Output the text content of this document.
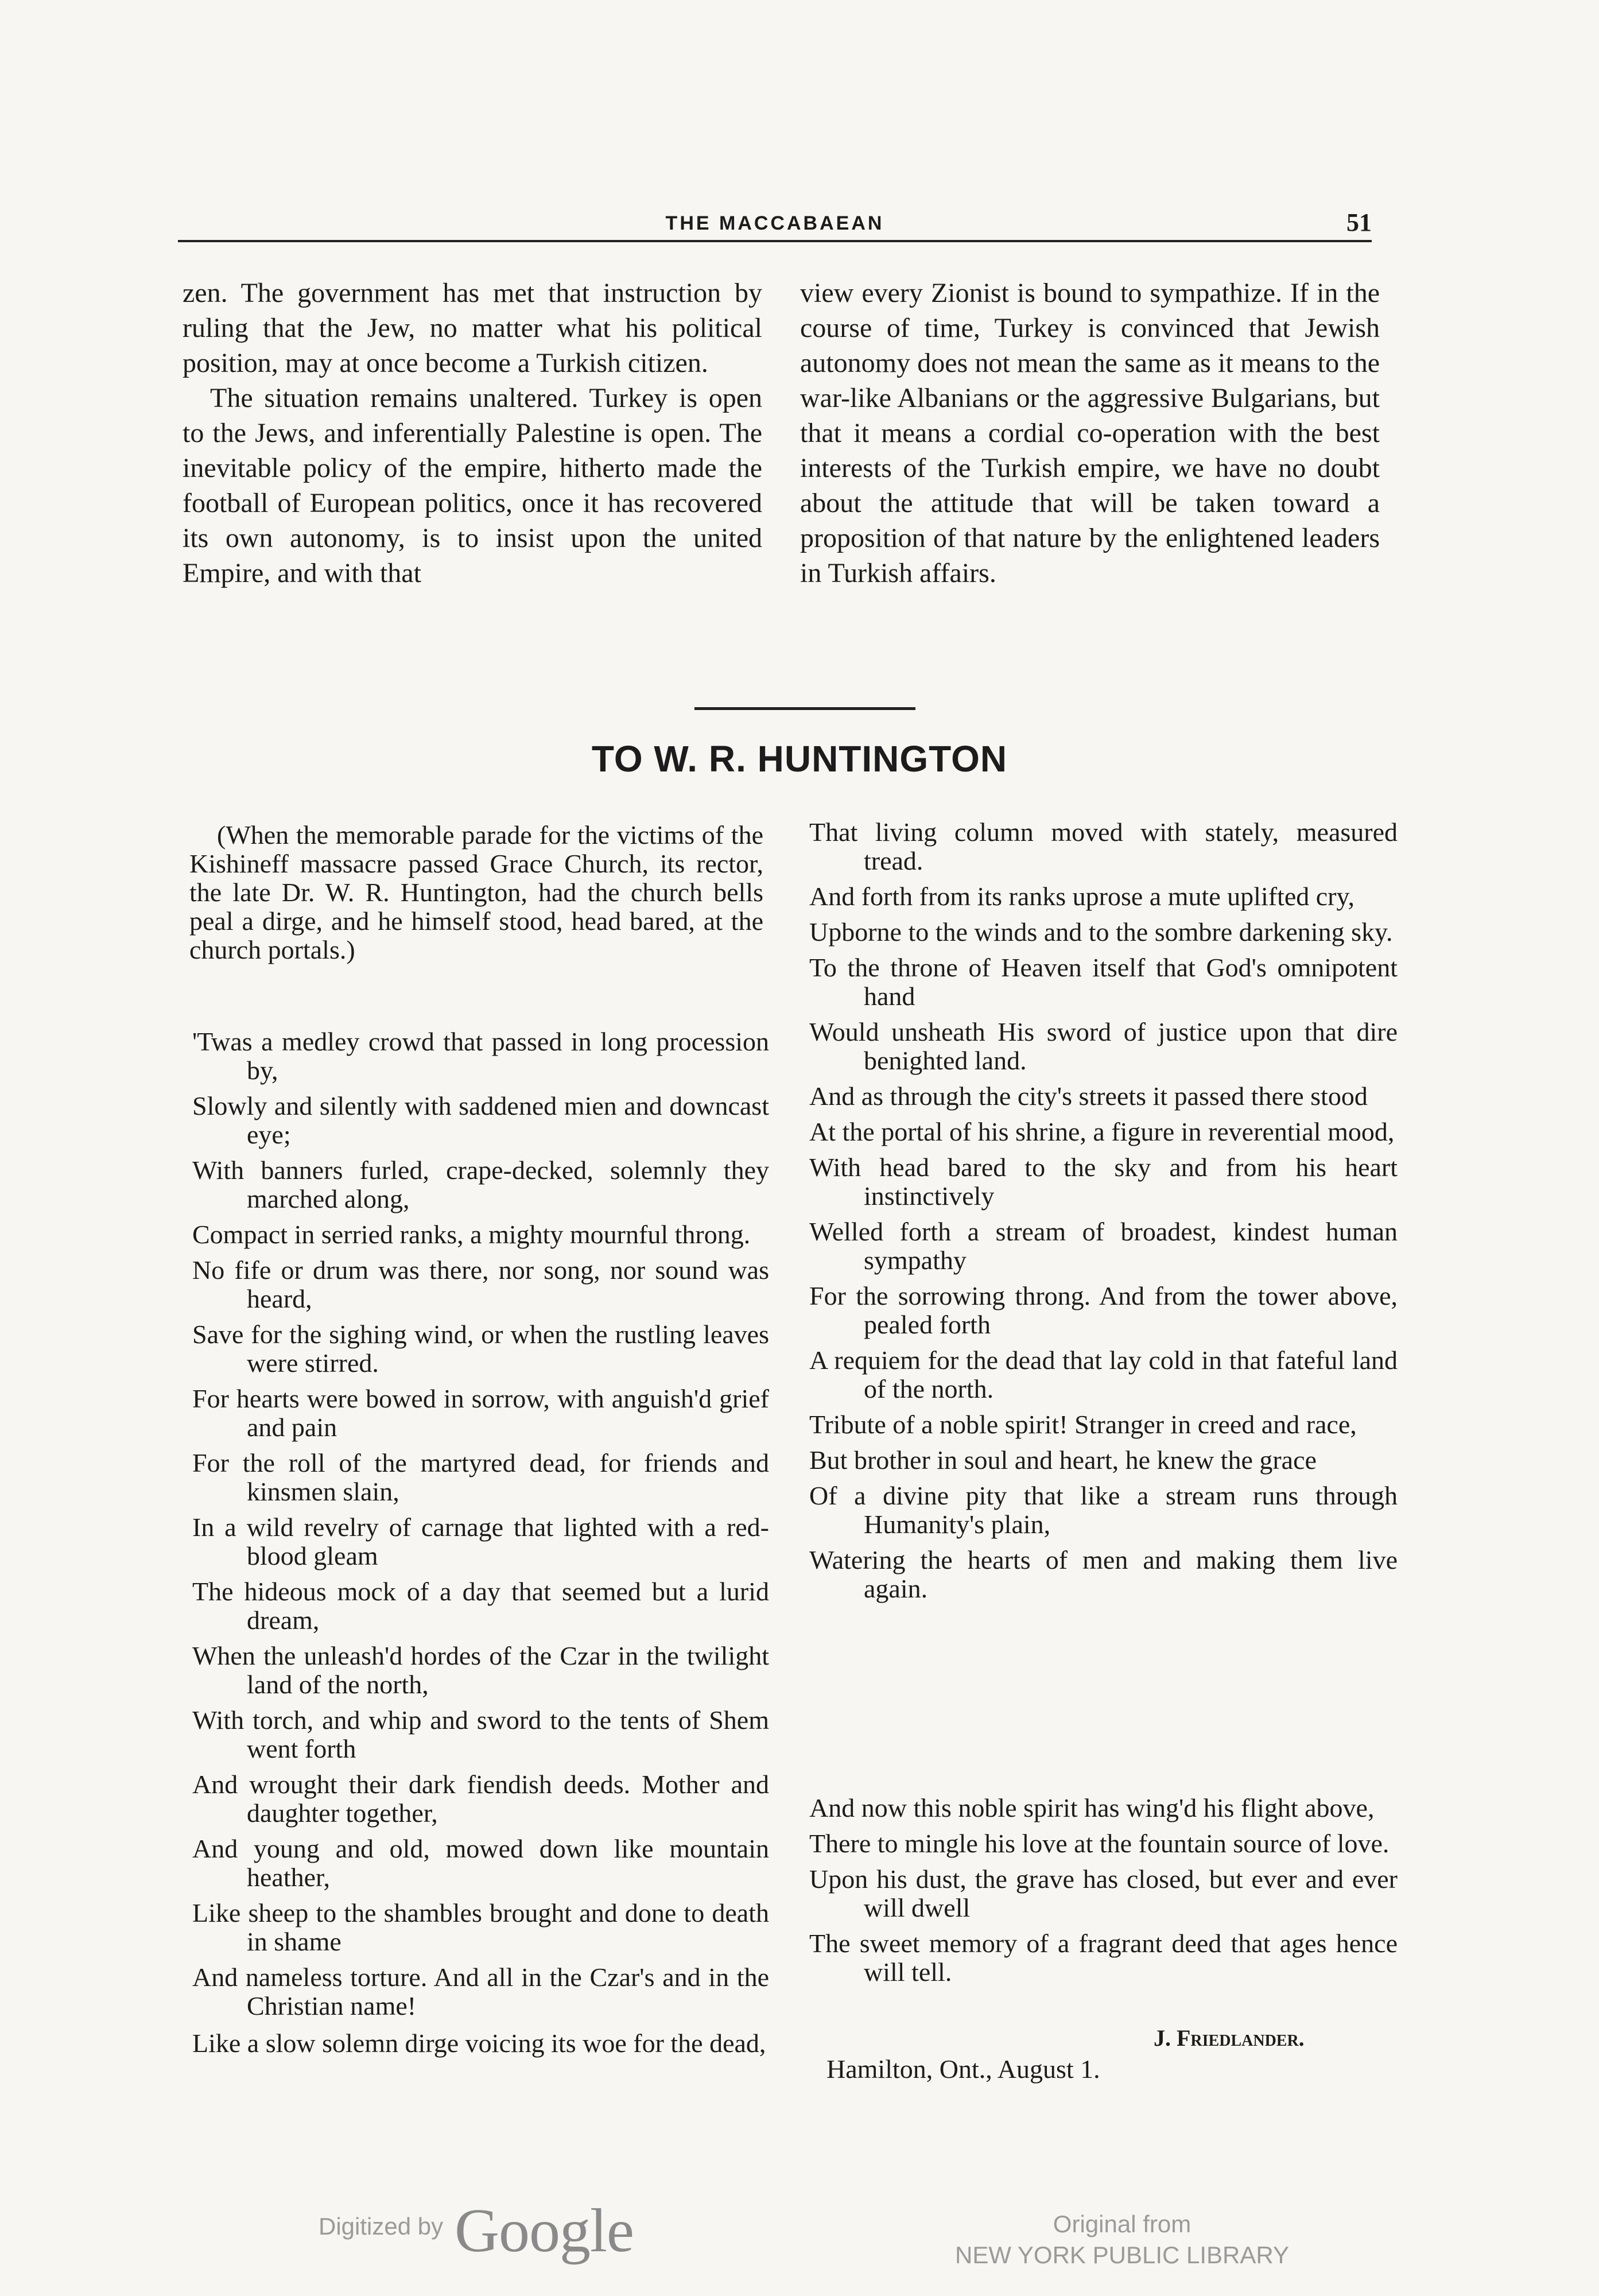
THE MACCABAEAN	51

zen. The government has met that instruction by ruling that the Jew, no matter what his political position, may at once become a Turkish citizen.

The situation remains unaltered. Turkey is open to the Jews, and inferentially Palestine is open. The inevitable policy of the empire, hitherto made the football of European politics, once it has recovered its own autonomy, is to insist upon the united Empire, and with that

view every Zionist is bound to sympathize. If in the course of time, Turkey is convinced that Jewish autonomy does not mean the same as it means to the war-like Albanians or the aggressive Bulgarians, but that it means a cordial co-operation with the best interests of the Turkish empire, we have no doubt about the attitude that will be taken toward a proposition of that nature by the enlightened leaders in Turkish affairs.

TO W. R. HUNTINGTON
(When the memorable parade for the victims of the Kishineff massacre passed Grace Church, its rector, the late Dr. W. R. Huntington, had the church bells peal a dirge, and he himself stood, head bared, at the church portals.)
'Twas a medley crowd that passed in long procession by,
Slowly and silently with saddened mien and downcast eye;
With banners furled, crape-decked, solemnly they marched along,
Compact in serried ranks, a mighty mournful throng.
No fife or drum was there, nor song, nor sound was heard,
Save for the sighing wind, or when the rustling leaves were stirred.
For hearts were bowed in sorrow, with anguish'd grief and pain
For the roll of the martyred dead, for friends and kinsmen slain,
In a wild revelry of carnage that lighted with a red-blood gleam
The hideous mock of a day that seemed but a lurid dream,
When the unleash'd hordes of the Czar in the twilight land of the north,
With torch, and whip and sword to the tents of Shem went forth
And wrought their dark fiendish deeds. Mother and daughter together,
And young and old, mowed down like mountain heather,
Like sheep to the shambles brought and done to death in shame
And nameless torture. And all in the Czar's and in the Christian name!
Like a slow solemn dirge voicing its woe for the dead,
That living column moved with stately, measured tread.
And forth from its ranks uprose a mute uplifted cry,
Upborne to the winds and to the sombre darkening sky.
To the throne of Heaven itself that God's omnipotent hand
Would unsheath His sword of justice upon that dire benighted land.
And as through the city's streets it passed there stood
At the portal of his shrine, a figure in reverential mood,
With head bared to the sky and from his heart instinctively
Welled forth a stream of broadest, kindest human sympathy
For the sorrowing throng. And from the tower above, pealed forth
A requiem for the dead that lay cold in that fateful land of the north.
Tribute of a noble spirit! Stranger in creed and race,
But brother in soul and heart, he knew the grace
Of a divine pity that like a stream runs through Humanity's plain,
Watering the hearts of men and making them live again.
And now this noble spirit has wing'd his flight above,
There to mingle his love at the fountain source of love.
Upon his dust, the grave has closed, but ever and ever will dwell
The sweet memory of a fragrant deed that ages hence will tell.
J. Friedlander.
Hamilton, Ont., August 1.
Digitized by Google	Original from
NEW YORK PUBLIC LIBRARY
